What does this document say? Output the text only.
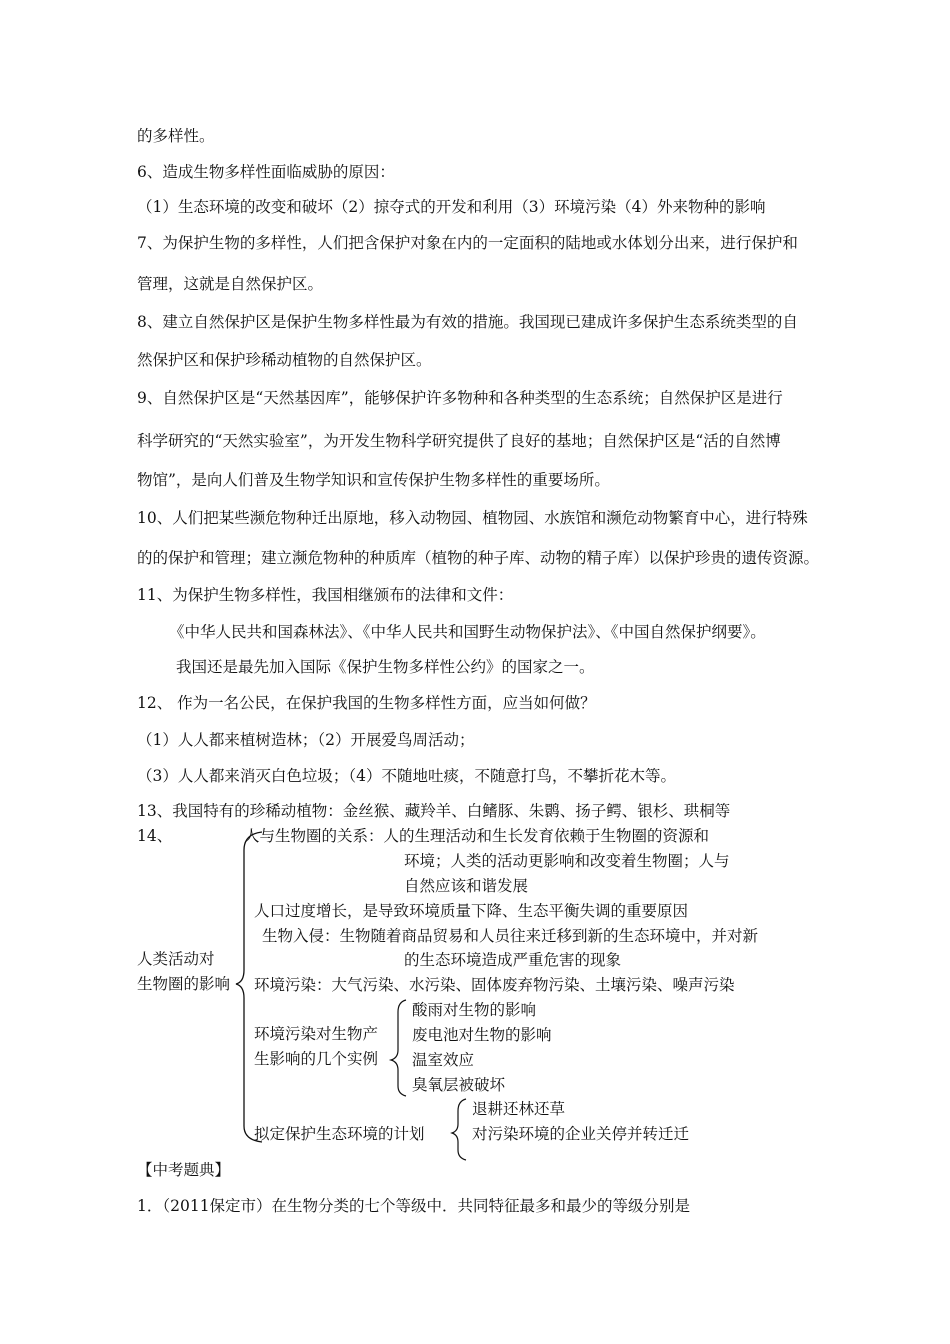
的多样性。
6、造成生物多样性面临威胁的原因：
（1）生态环境的改变和破坏（2）掠夺式的开发和利用（3）环境污染（4）外来物种的影响
7、为保护生物的多样性，人们把含保护对象在内的一定面积的陆地或水体划分出来，进行保护和
管理，这就是自然保护区。
8、建立自然保护区是保护生物多样性最为有效的措施。我国现已建成许多保护生态系统类型的自
然保护区和保护珍稀动植物的自然保护区。
9、自然保护区是“天然基因库”，能够保护许多物种和各种类型的生态系统；自然保护区是进行
科学研究的“天然实验室”，为开发生物科学研究提供了良好的基地；自然保护区是“活的自然博
物馆”，是向人们普及生物学知识和宣传保护生物多样性的重要场所。
10、人们把某些濒危物种迁出原地，移入动物园、植物园、水族馆和濒危动物繁育中心，进行特殊
的的保护和管理；建立濒危物种的种质库（植物的种子库、动物的精子库）以保护珍贵的遗传资源。
11、为保护生物多样性，我国相继颁布的法律和文件：
《中华人民共和国森林法》、《中华人民共和国野生动物保护法》、《中国自然保护纲要》。
我国还是最先加入国际《保护生物多样性公约》的国家之一。
12、 作为一名公民，在保护我国的生物多样性方面，应当如何做？
（1）人人都来植树造林；（2）开展爱鸟周活动；
（3）人人都来消灭白色垃圾；（4）不随地吐痰，不随意打鸟，不攀折花木等。
13、我国特有的珍稀动植物：金丝猴、藏羚羊、白鳍豚、朱鹮、扬子鳄、银杉、珙桐等
14、
人类活动对
生物圈的影响
人与生物圈的关系：人的生理活动和生长发育依赖于生物圈的资源和
环境；人类的活动更影响和改变着生物圈；人与
自然应该和谐发展
人口过度增长，是导致环境质量下降、生态平衡失调的重要原因
生物入侵：生物随着商品贸易和人员往来迁移到新的生态环境中，并对新
的生态环境造成严重危害的现象
环境污染：大气污染、水污染、固体废弃物污染、土壤污染、噪声污染
环境污染对生物产
生影响的几个实例
酸雨对生物的影响
废电池对生物的影响
温室效应
臭氧层被破坏
拟定保护生态环境的计划
退耕还林还草
对污染环境的企业关停并转迁迁
【中考题典】
1．（2011保定市）在生物分类的七个等级中．共同特征最多和最少的等级分别是
